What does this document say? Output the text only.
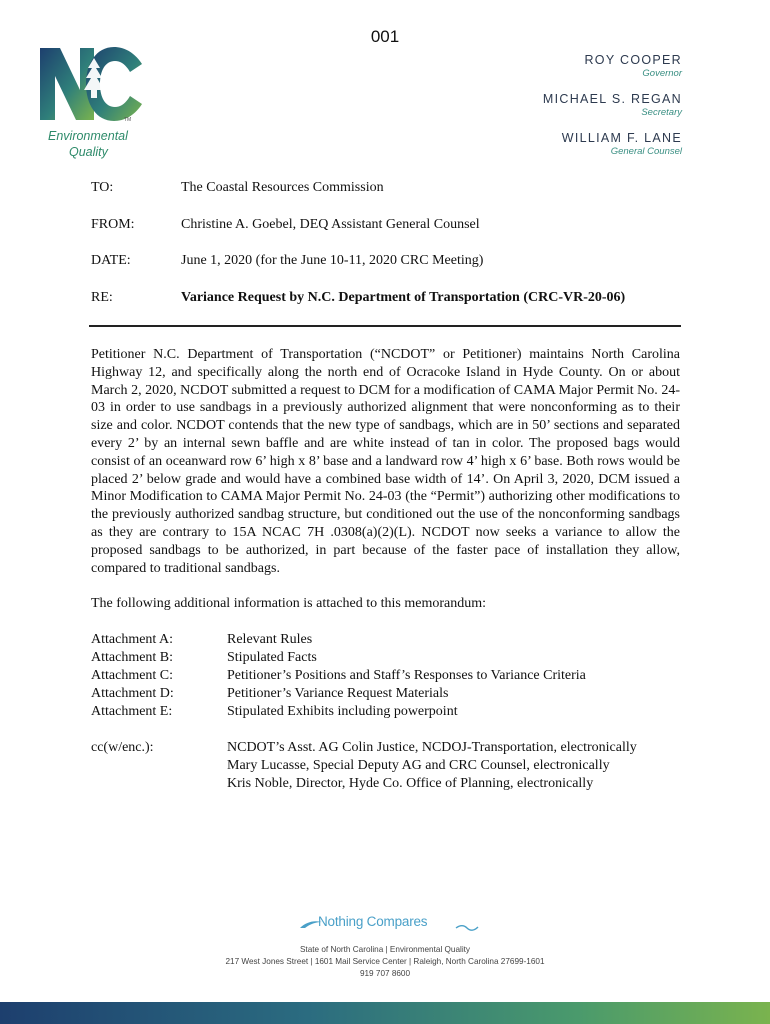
001
TM
Environmental
Quality
ROY COOPER
Governor
MICHAEL S. REGAN
Secretary
WILLIAM F. LANE
General Counsel
TO:	The Coastal Resources Commission
FROM:	Christine A. Goebel, DEQ Assistant General Counsel
DATE:	June 1, 2020 (for the June 10-11, 2020 CRC Meeting)
RE:	Variance Request by N.C. Department of Transportation (CRC-VR-20-06)

Petitioner N.C. Department of Transportation (“NCDOT” or Petitioner) maintains North Carolina Highway 12, and specifically along the north end of Ocracoke Island in Hyde County. On or about March 2, 2020, NCDOT submitted a request to DCM for a modification of CAMA Major Permit No. 24-03 in order to use sandbags in a previously authorized alignment that were nonconforming as to their size and color. NCDOT contends that the new type of sandbags, which are in 50’ sections and separated every 2’ by an internal sewn baffle and are white instead of tan in color. The proposed bags would consist of an oceanward row 6’ high x 8’ base and a landward row 4’ high x 6’ base. Both rows would be placed 2’ below grade and would have a combined base width of 14’. On April 3, 2020, DCM issued a Minor Modification to CAMA Major Permit No. 24-03 (the “Permit”) authorizing other modifications to the previously authorized sandbag structure, but conditioned out the use of the nonconforming sandbags as they are contrary to 15A NCAC 7H .0308(a)(2)(L). NCDOT now seeks a variance to allow the proposed sandbags to be authorized, in part because of the faster pace of installation they allow, compared to traditional sandbags.

The following additional information is attached to this memorandum:

Attachment A:	Relevant Rules
Attachment B:	Stipulated Facts
Attachment C:	Petitioner’s Positions and Staff’s Responses to Variance Criteria
Attachment D:	Petitioner’s Variance Request Materials
Attachment E:	Stipulated Exhibits including powerpoint
cc(w/enc.):	NCDOT’s Asst. AG Colin Justice, NCDOJ-Transportation, electronically
Mary Lucasse, Special Deputy AG and CRC Counsel, electronically
Kris Noble, Director, Hyde Co. Office of Planning, electronically
Nothing Compares
State of North Carolina | Environmental Quality
217 West Jones Street | 1601 Mail Service Center | Raleigh, North Carolina 27699-1601
919 707 8600
